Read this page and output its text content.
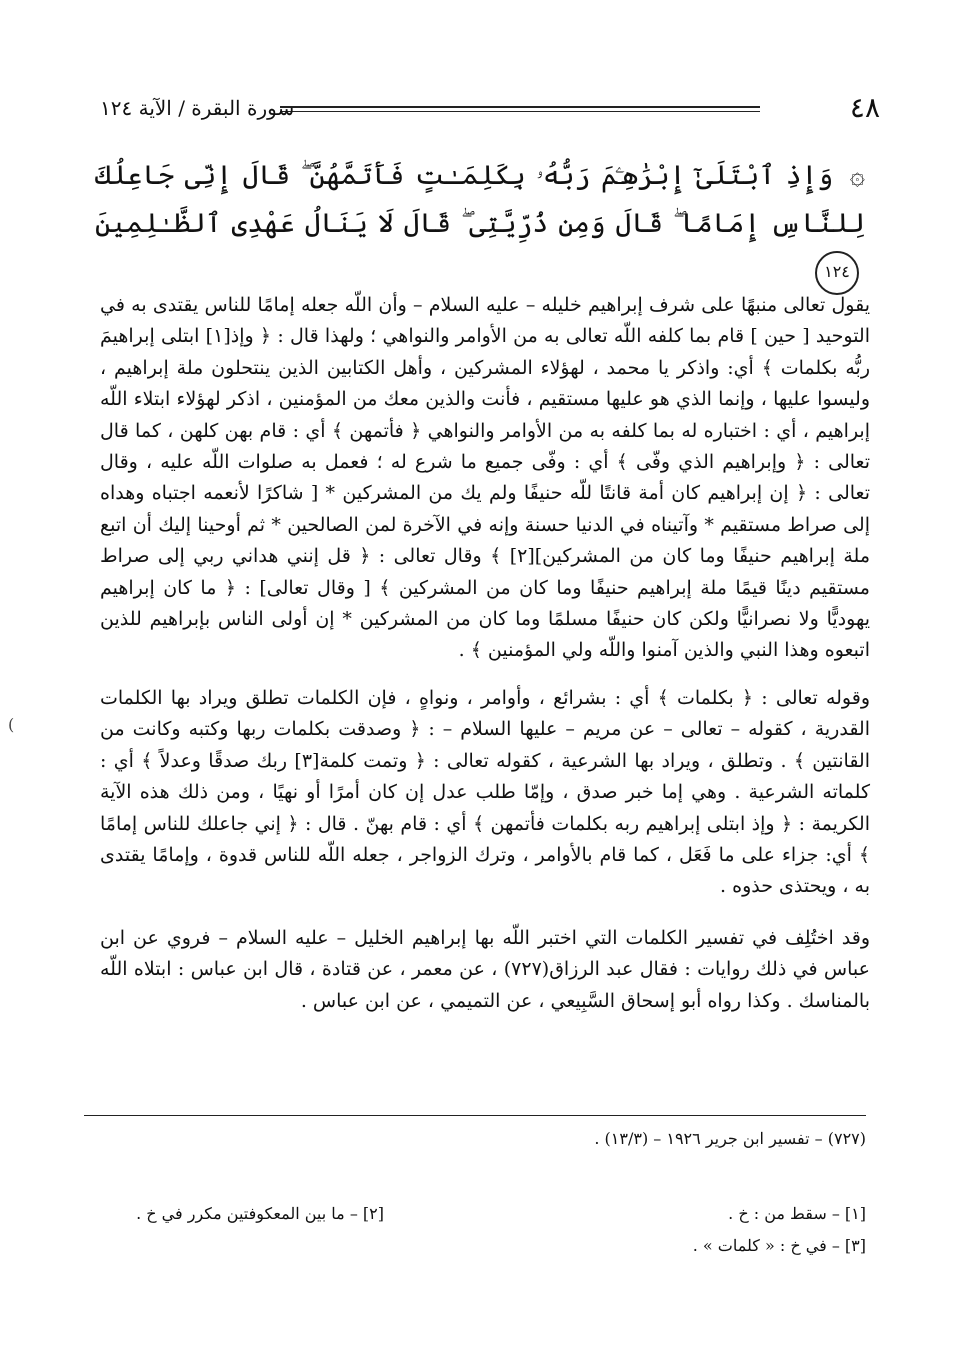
٤٨
سورة البقرة / الآية ١٢٤
۞ وَإِذِ ٱبْتَلَىٰٓ إِبْرَٰهِـۧمَ رَبُّهُۥ بِكَلِمَـٰتٍ فَأَتَمَّهُنَّ ۖ قَالَ إِنِّى جَاعِلُكَ لِلنَّاسِ إِمَامًا ۖ قَالَ وَمِن ذُرِّيَّتِى ۖ قَالَ لَا يَنَالُ عَهْدِى ٱلظَّـٰلِمِينَ ١٢٤

يقول تعالى منبهًا على شرف إبراهيم خليله – عليه السلام – وأن اللّه جعله إمامًا للناس يقتدى به في التوحيد [ حين ] قام بما كلفه اللّه تعالى به من الأوامر والنواهي ؛ ولهذا قال : ﴿ وإذ[١] ابتلى إبراهيمَ ربُّه بكلمات ﴾ أي: واذكر يا محمد ، لهؤلاء المشركين ، وأهل الكتابين الذين ينتحلون ملة إبراهيم ، وليسوا عليها ، وإنما الذي هو عليها مستقيم ، فأنت والذين معك من المؤمنين ، اذكر لهؤلاء ابتلاء اللّه إبراهيم ، أي : اختباره له بما كلفه به من الأوامر والنواهي ﴿ فأتمهن ﴾ أي : قام بهن كلهن ، كما قال تعالى : ﴿ وإبراهيم الذي وفّى ﴾ أي : وفّى جميع ما شرع له ؛ فعمل به صلوات اللّه عليه ، وقال تعالى : ﴿ إن إبراهيم كان أمة قانتًا للّه حنيفًا ولم يك من المشركين * [ شاكرًا لأنعمه اجتباه وهداه إلى صراط مستقيم * وآتيناه في الدنيا حسنة وإنه في الآخرة لمن الصالحين * ثم أوحينا إليك أن اتبع ملة إبراهيم حنيفًا وما كان من المشركين][٢] ﴾ وقال تعالى : ﴿ قل إنني هداني ربي إلى صراط مستقيم دينًا قيمًا ملة إبراهيم حنيفًا وما كان من المشركين ﴾ [ وقال تعالى] : ﴿ ما كان إبراهيم يهوديًّا ولا نصرانيًّا ولكن كان حنيفًا مسلمًا وما كان من المشركين * إن أولى الناس بإبراهيم للذين اتبعوه وهذا النبي والذين آمنوا واللّه ولي المؤمنين ﴾ .

وقوله تعالى : ﴿ بكلمات ﴾ أي : بشرائع ، وأوامر ، ونواهٍ ، فإن الكلمات تطلق ويراد بها الكلمات القدرية ، كقوله – تعالى – عن مريم – عليها السلام – : ﴿ وصدقت بكلمات ربها وكتبه وكانت من القانتين ﴾ . وتطلق ، ويراد بها الشرعية ، كقوله تعالى : ﴿ وتمت كلمة[٣] ربك صدقًا وعدلاً ﴾ أي : كلماته الشرعية . وهي إما خبر صدق ، وإمّا طلب عدل إن كان أمرًا أو نهيًا ، ومن ذلك هذه الآية الكريمة : ﴿ وإذ ابتلى إبراهيم ربه بكلمات فأتمهن ﴾ أي : قام بهنّ . قال : ﴿ إني جاعلك للناس إمامًا ﴾ أي: جزاء على ما فَعَل ، كما قام بالأوامر ، وترك الزواجر ، جعله اللّه للناس قدوة ، وإمامًا يقتدى به ، ويحتذى حذوه .

وقد اختُلِف في تفسير الكلمات التي اختبر اللّه بها إبراهيم الخليل – عليه السلام – فروي عن ابن عباس في ذلك روايات : فقال عبد الرزاق(٧٢٧) ، عن معمر ، عن قتادة ، قال ابن عباس : ابتلاه اللّه بالمناسك . وكذا رواه أبو إسحاق السَّبِيعي ، عن التميمي ، عن ابن عباس .

(٧٢٧) – تفسير ابن جرير ١٩٢٦ – (١٣/٣) .
[١] – سقط من : خ .
[٢] – ما بين المعكوفتين مكرر في خ .
[٣] – في خ : « كلمات » .
)
